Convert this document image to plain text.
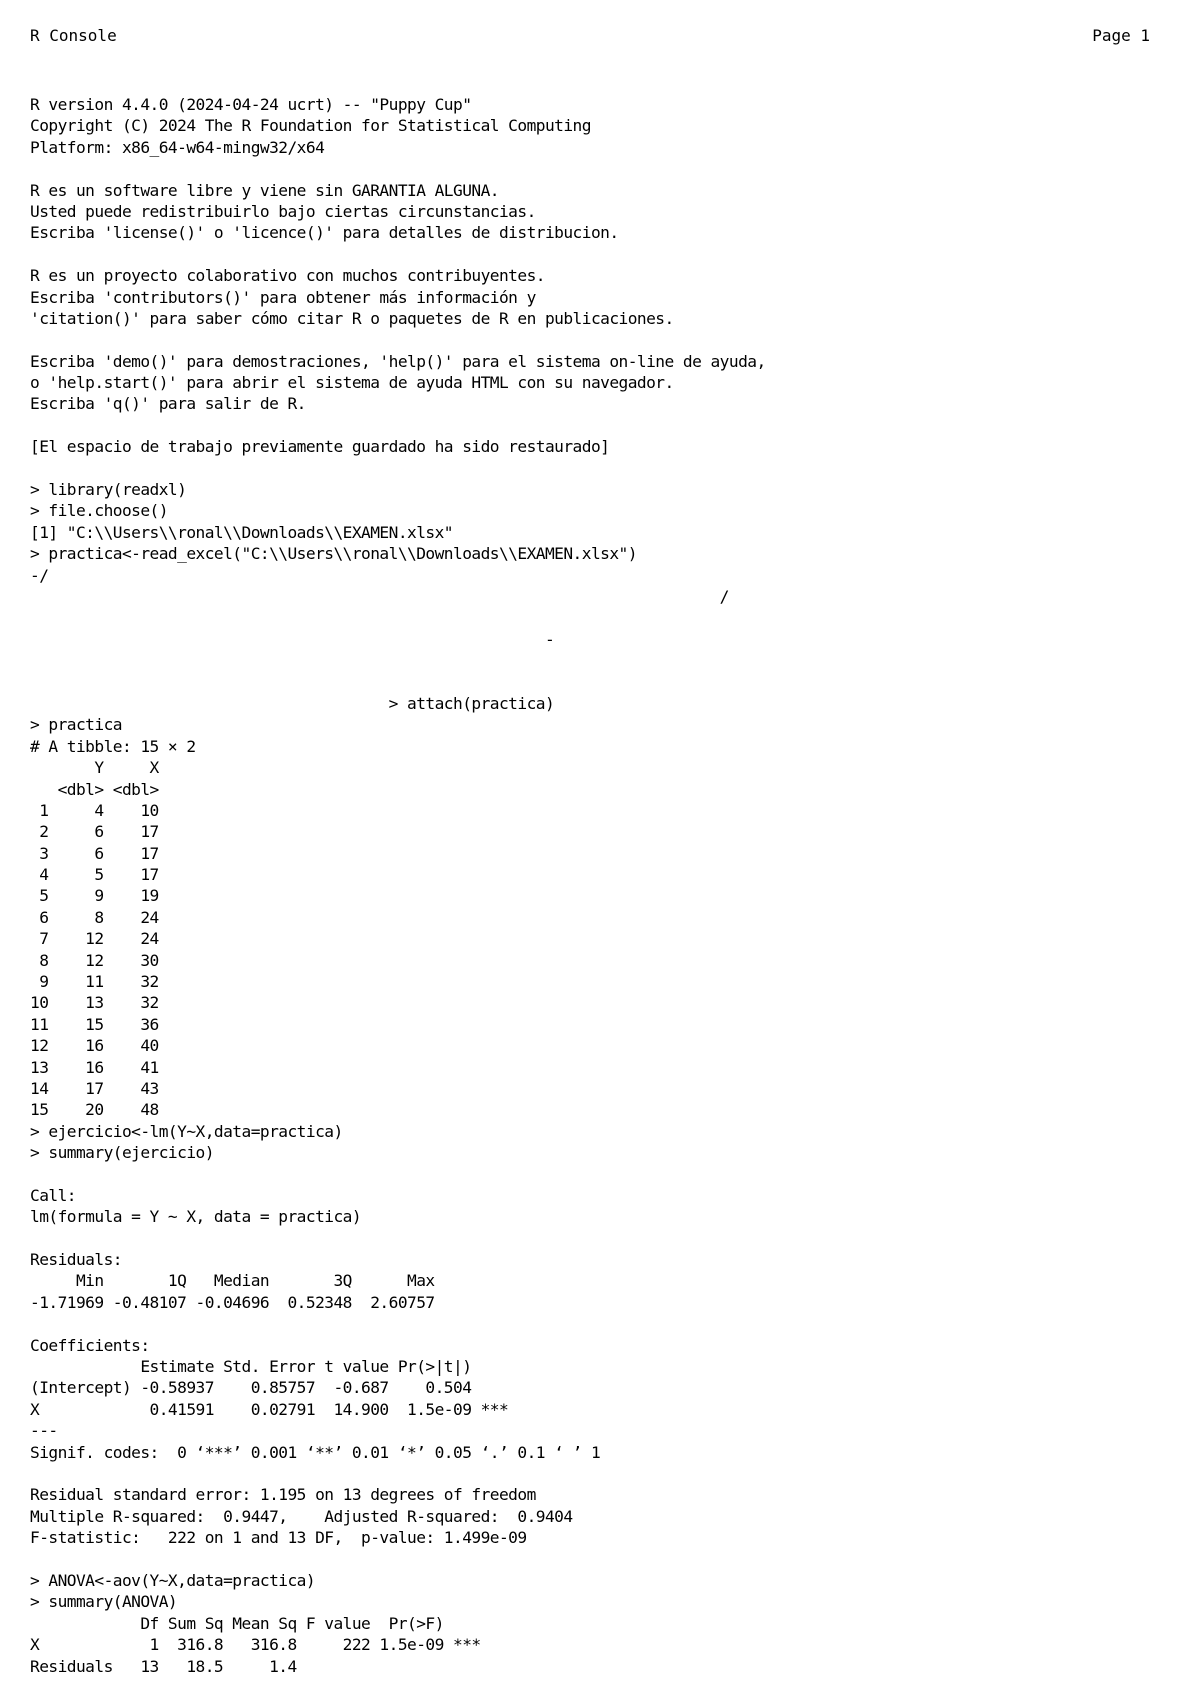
R Console	Page 1
R version 4.4.0 (2024-04-24 ucrt) -- "Puppy Cup"
Copyright (C) 2024 The R Foundation for Statistical Computing
Platform: x86_64-w64-mingw32/x64
R es un software libre y viene sin GARANTIA ALGUNA.
Usted puede redistribuirlo bajo ciertas circunstancias.
Escriba 'license()' o 'licence()' para detalles de distribucion.
R es un proyecto colaborativo con muchos contribuyentes.
Escriba 'contributors()' para obtener más información y
'citation()' para saber cómo citar R o paquetes de R en publicaciones.
Escriba 'demo()' para demostraciones, 'help()' para el sistema on-line de ayuda,
o 'help.start()' para abrir el sistema de ayuda HTML con su navegador.
Escriba 'q()' para salir de R.
[El espacio de trabajo previamente guardado ha sido restaurado]
> library(readxl)
> file.choose()
[1] "C:\\Users\\ronal\\Downloads\\EXAMEN.xlsx"
> practica<-read_excel("C:\\Users\\ronal\\Downloads\\EXAMEN.xlsx")
-/
/
-
> attach(practica)
> practica
# A tibble: 15 × 2
Y     X
<dbl> <dbl>
1     4    10
2     6    17
3     6    17
4     5    17
5     9    19
6     8    24
7    12    24
8    12    30
9    11    32
10    13    32
11    15    36
12    16    40
13    16    41
14    17    43
15    20    48
> ejercicio<-lm(Y~X,data=practica)
> summary(ejercicio)
Call:
lm(formula = Y ~ X, data = practica)
Residuals:
Min       1Q   Median       3Q      Max
-1.71969 -0.48107 -0.04696  0.52348  2.60757
Coefficients:
Estimate Std. Error t value Pr(>|t|)
(Intercept) -0.58937    0.85757  -0.687    0.504
X            0.41591    0.02791  14.900  1.5e-09 ***
---
Signif. codes:  0 ‘***’ 0.001 ‘**’ 0.01 ‘*’ 0.05 ‘.’ 0.1 ‘ ’ 1
Residual standard error: 1.195 on 13 degrees of freedom
Multiple R-squared:  0.9447,    Adjusted R-squared:  0.9404
F-statistic:   222 on 1 and 13 DF,  p-value: 1.499e-09
> ANOVA<-aov(Y~X,data=practica)
> summary(ANOVA)
Df Sum Sq Mean Sq F value  Pr(>F)
X            1  316.8   316.8     222 1.5e-09 ***
Residuals   13   18.5     1.4
